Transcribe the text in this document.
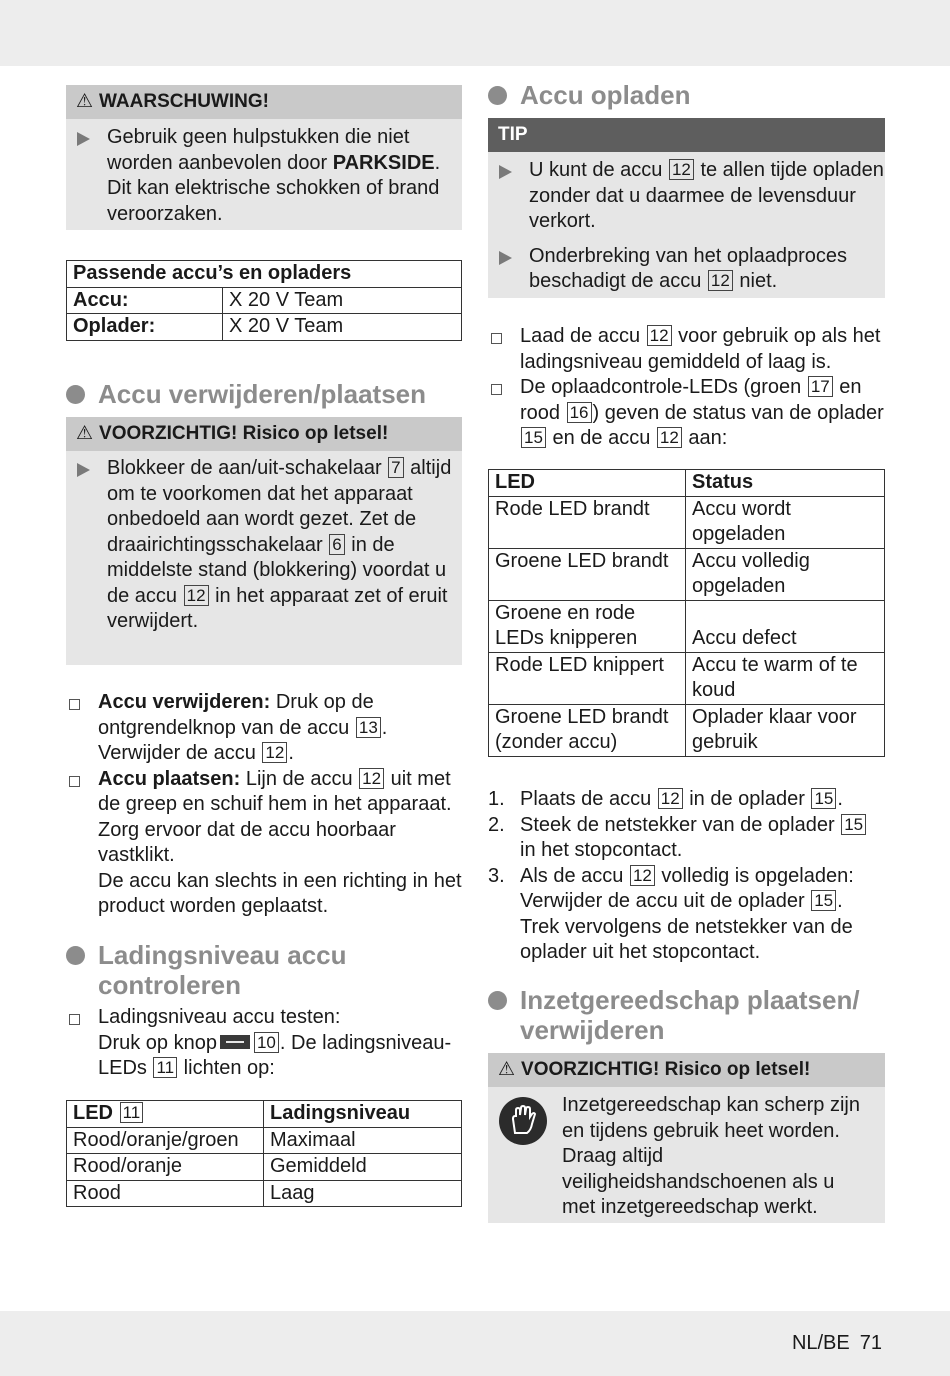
⚠ WAARSCHUWING!
Gebruik geen hulpstukken die niet worden aanbevolen door PARKSIDE. Dit kan elektrische schokken of brand veroorzaken.
Passende accu’s en opladers	
Accu:	X 20 V Team
Oplader:	X 20 V Team
Accu verwijderen/plaatsen
⚠ VOORZICHTIG! Risico op letsel!
Blokkeer de aan/uit-schakelaar 7 altijd om te voorkomen dat het apparaat onbedoeld aan wordt gezet. Zet de draairichtingsschakelaar 6 in de middelste stand (blokkering) voordat u de accu 12 in het apparaat zet of eruit verwijdert.
Accu verwijderen: Druk op de ontgrendelknop van de accu 13 . Verwijder de accu 12 .
Accu plaatsen: Lijn de accu 12 uit met de greep en schuif hem in het apparaat. Zorg ervoor dat de accu hoorbaar vastklikt.
De accu kan slechts in een richting in het product worden geplaatst.
Ladingsniveau accu controleren
Ladingsniveau accu testen:
Druk op knop 10 . De ladingsniveau-LEDs 11 lichten op:
LED 11	Ladingsniveau
Rood/oranje/groen	Maximaal
Rood/oranje	Gemiddeld
Rood	Laag
Accu opladen
TIP
U kunt de accu 12 te allen tijde opladen zonder dat u daarmee de levensduur verkort.
Onderbreking van het oplaadproces beschadigt de accu 12 niet.
Laad de accu 12 voor gebruik op als het ladingsniveau gemiddeld of laag is.
De oplaadcontrole-LEDs (groen 17 en rood 16 ) geven de status van de oplader 15 en de accu 12 aan:
LED	Status
Rode LED brandt	Accu wordt opgeladen
Groene LED brandt	Accu volledig opgeladen
Groene en rode LEDs knipperen	Accu defect
Rode LED knippert	Accu te warm of te koud
Groene LED brandt (zonder accu)	Oplader klaar voor gebruik
1. Plaats de accu 12 in de oplader 15 .
2. Steek de netstekker van de oplader 15 in het stopcontact.
3. Als de accu 12 volledig is opgeladen: Verwijder de accu uit de oplader 15 . Trek vervolgens de netstekker van de oplader uit het stopcontact.
Inzetgereedschap plaatsen/ verwijderen
⚠ VOORZICHTIG! Risico op letsel!
Inzetgereedschap kan scherp zijn en tijdens gebruik heet worden. Draag altijd veiligheidshandschoenen als u met inzetgereedschap werkt.
NL/BE 71
